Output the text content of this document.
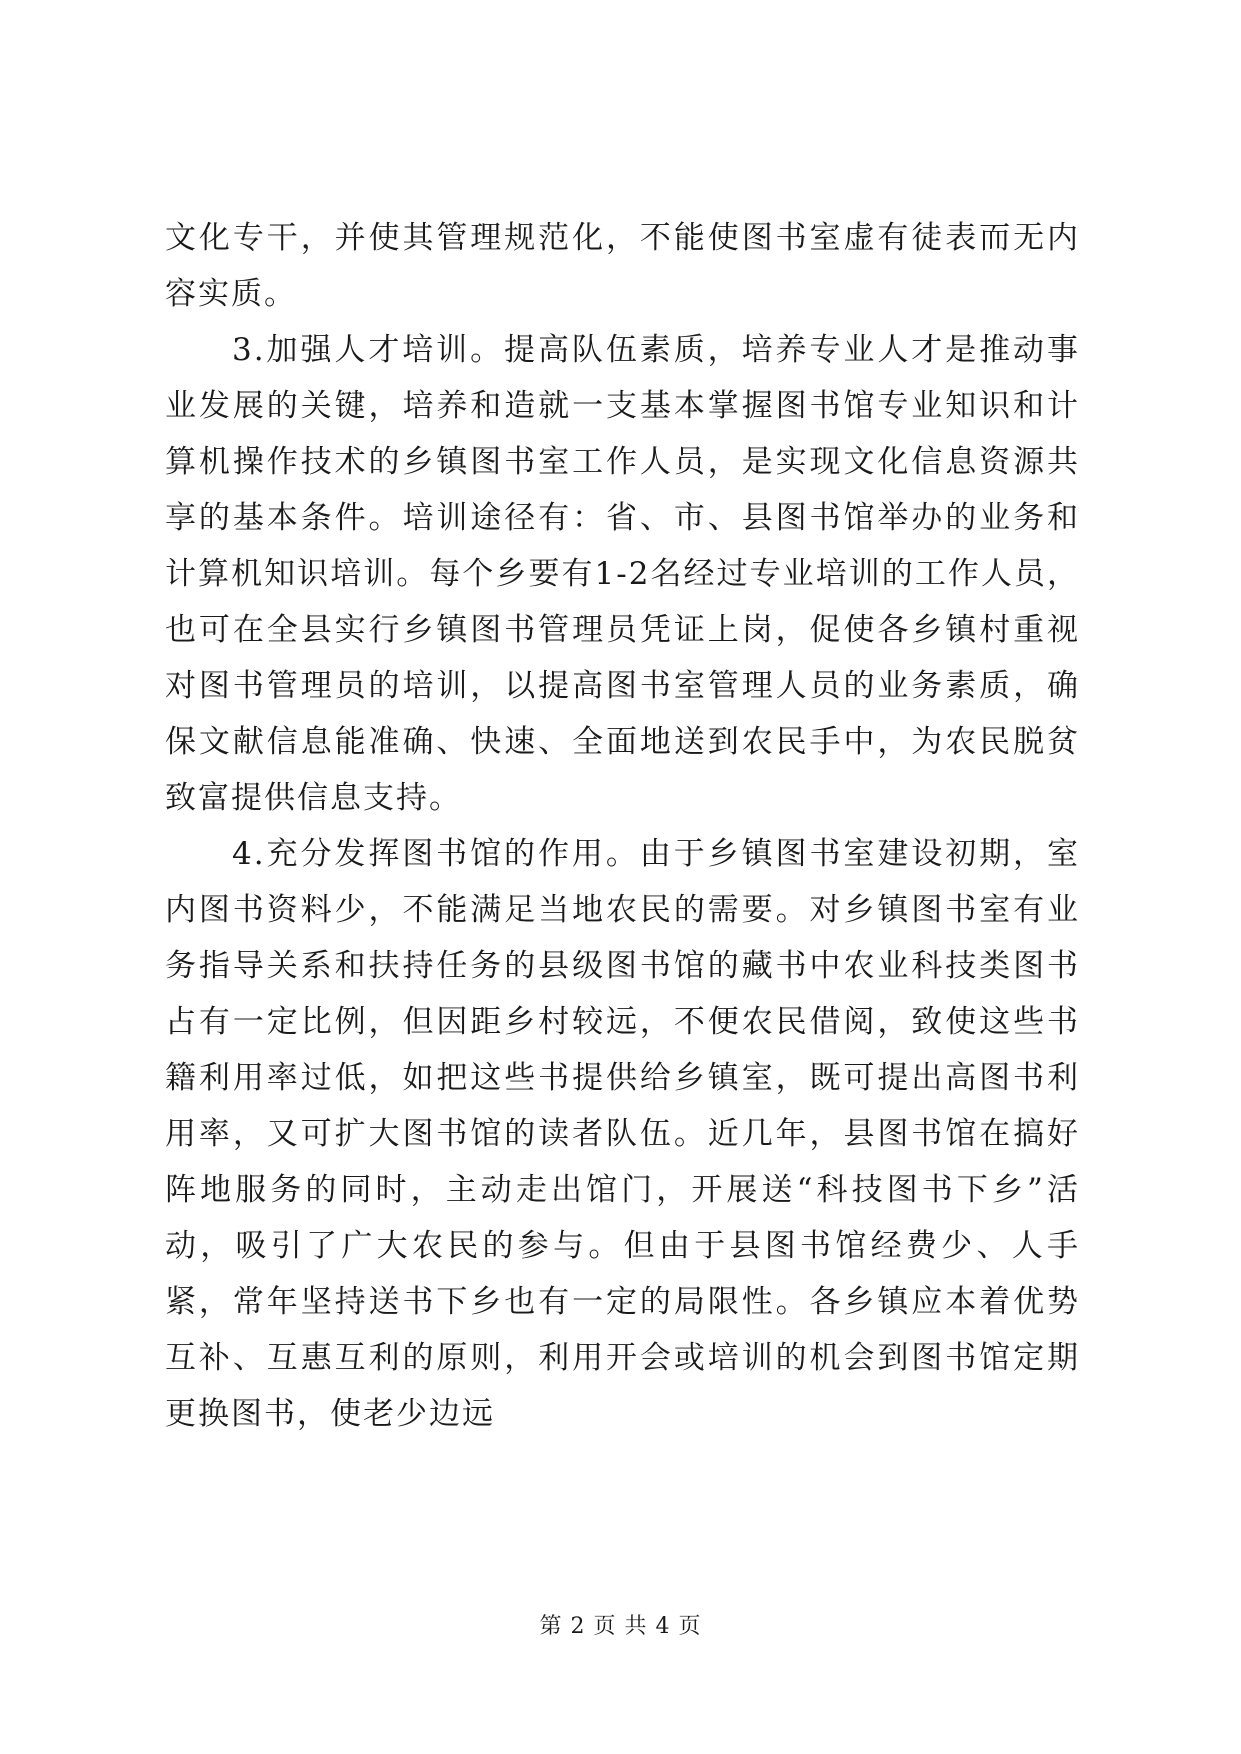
文化专干，并使其管理规范化，不能使图书室虚有徒表而无内容实质。

3.加强人才培训。提高队伍素质，培养专业人才是推动事业发展的关键，培养和造就一支基本掌握图书馆专业知识和计算机操作技术的乡镇图书室工作人员，是实现文化信息资源共享的基本条件。培训途径有：省、市、县图书馆举办的业务和计算机知识培训。每个乡要有1-2名经过专业培训的工作人员，也可在全县实行乡镇图书管理员凭证上岗，促使各乡镇村重视对图书管理员的培训，以提高图书室管理人员的业务素质，确保文献信息能准确、快速、全面地送到农民手中，为农民脱贫致富提供信息支持。

4.充分发挥图书馆的作用。由于乡镇图书室建设初期，室内图书资料少，不能满足当地农民的需要。对乡镇图书室有业务指导关系和扶持任务的县级图书馆的藏书中农业科技类图书占有一定比例，但因距乡村较远，不便农民借阅，致使这些书籍利用率过低，如把这些书提供给乡镇室，既可提出高图书利用率，又可扩大图书馆的读者队伍。近几年，县图书馆在搞好阵地服务的同时，主动走出馆门，开展送“科技图书下乡”活动，吸引了广大农民的参与。但由于县图书馆经费少、人手紧，常年坚持送书下乡也有一定的局限性。各乡镇应本着优势互补、互惠互利的原则，利用开会或培训的机会到图书馆定期更换图书，使老少边远

第 2 页 共 4 页
